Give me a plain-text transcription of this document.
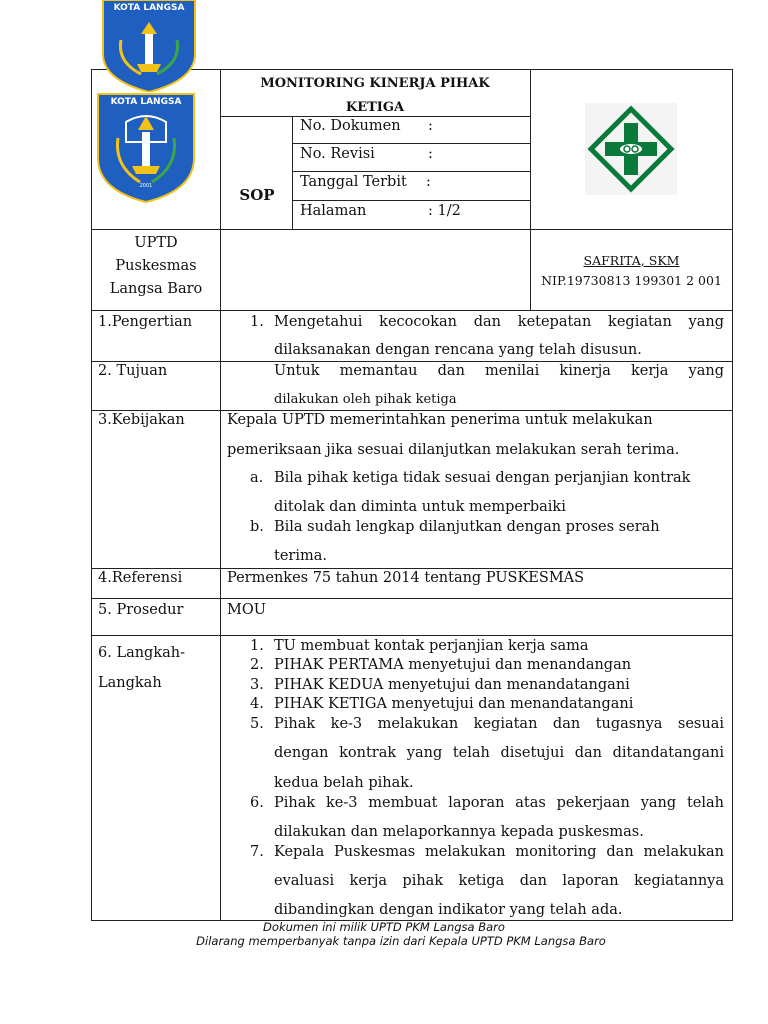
KOTA LANGSA
KOTA LANGSA
2001
MONITORING KINERJA PIHAK
KETIGA
SOP
No. Dokumen :
No. Revisi	:
Tanggal Terbit :
Halaman	: 1/2
UPTD
Puskesmas
Langsa Baro
SAFRITA, SKM
NIP.19730813 199301 2 001
1.Pengertian
2. Tujuan
3.Kebijakan
4.Referensi
5. Prosedur
6. Langkah-
Langkah
1. Mengetahui kecocokan dan ketepatan kegiatan yang
dilaksanakan dengan rencana yang telah disusun.
Untuk memantau dan menilai kinerja kerja yang
dilakukan oleh pihak ketiga
Kepala UPTD memerintahkan penerima untuk melakukan
pemeriksaan jika sesuai dilanjutkan melakukan serah terima.
a. Bila pihak ketiga tidak sesuai dengan perjanjian kontrak
ditolak dan diminta untuk memperbaiki
b. Bila sudah lengkap dilanjutkan dengan proses serah
terima.
Permenkes 75 tahun 2014 tentang PUSKESMAS
MOU
1. TU membuat kontak perjanjian kerja sama
2. PIHAK PERTAMA menyetujui dan menandangan
3. PIHAK KEDUA menyetujui dan menandatangani
4. PIHAK KETIGA menyetujui dan menandatangani
5. Pihak ke-3 melakukan kegiatan dan tugasnya sesuai
dengan kontrak yang telah disetujui dan ditandatangani
kedua belah pihak.
6. Pihak ke-3 membuat laporan atas pekerjaan yang telah
dilakukan dan melaporkannya kepada puskesmas.
7. Kepala Puskesmas melakukan monitoring dan melakukan
evaluasi kerja pihak ketiga dan laporan kegiatannya
dibandingkan dengan indikator yang telah ada.
Dokumen ini milik UPTD PKM Langsa Baro
Dilarang memperbanyak tanpa izin dari Kepala UPTD PKM Langsa Baro
